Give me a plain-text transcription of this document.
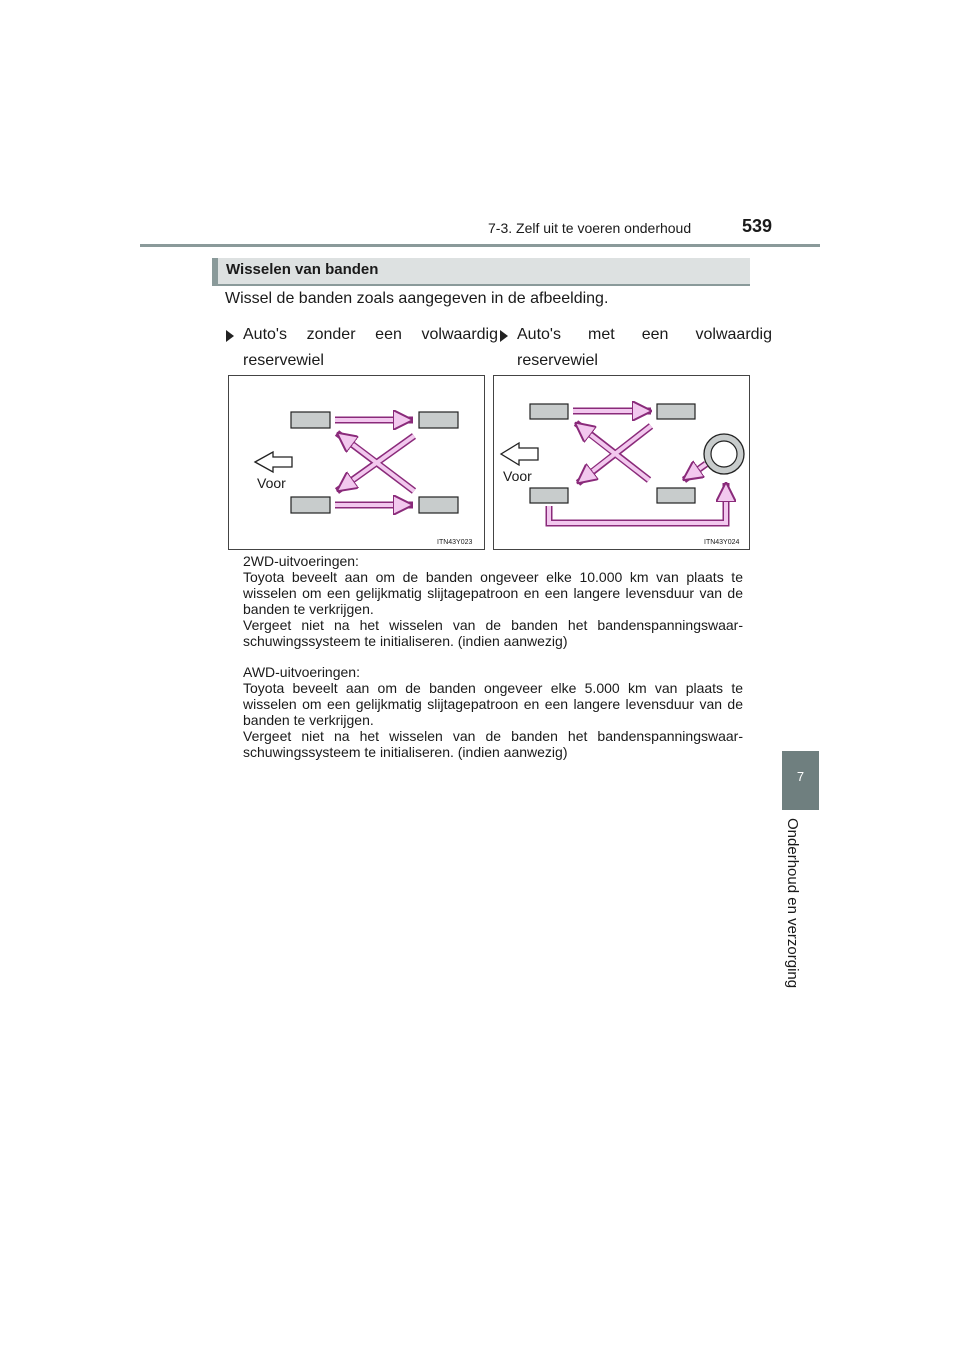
7-3. Zelf uit te voeren onderhoud	539
7
Onderhoud en verzorging
Wisselen van banden
Wissel de banden zoals aangegeven in de afbeelding.
Auto's zonder een volwaardig
reservewiel
Auto's met een volwaardig
reservewiel
Voor
ITN43Y023
Voor
ITN43Y024

2WD-uitvoeringen:

Toyota beveelt aan om de banden ongeveer elke 10.000 km van plaats te wisselen om een gelijkmatig slijtagepatroon en een langere levensduur van de banden te verkrijgen.

Vergeet niet na het wisselen van de banden het bandenspanningswaar-schuwingssysteem te initialiseren. (indien aanwezig)

AWD-uitvoeringen:

Toyota beveelt aan om de banden ongeveer elke 5.000 km van plaats te wisselen om een gelijkmatig slijtagepatroon en een langere levensduur van de banden te verkrijgen.

Vergeet niet na het wisselen van de banden het bandenspanningswaar-schuwingssysteem te initialiseren. (indien aanwezig)
